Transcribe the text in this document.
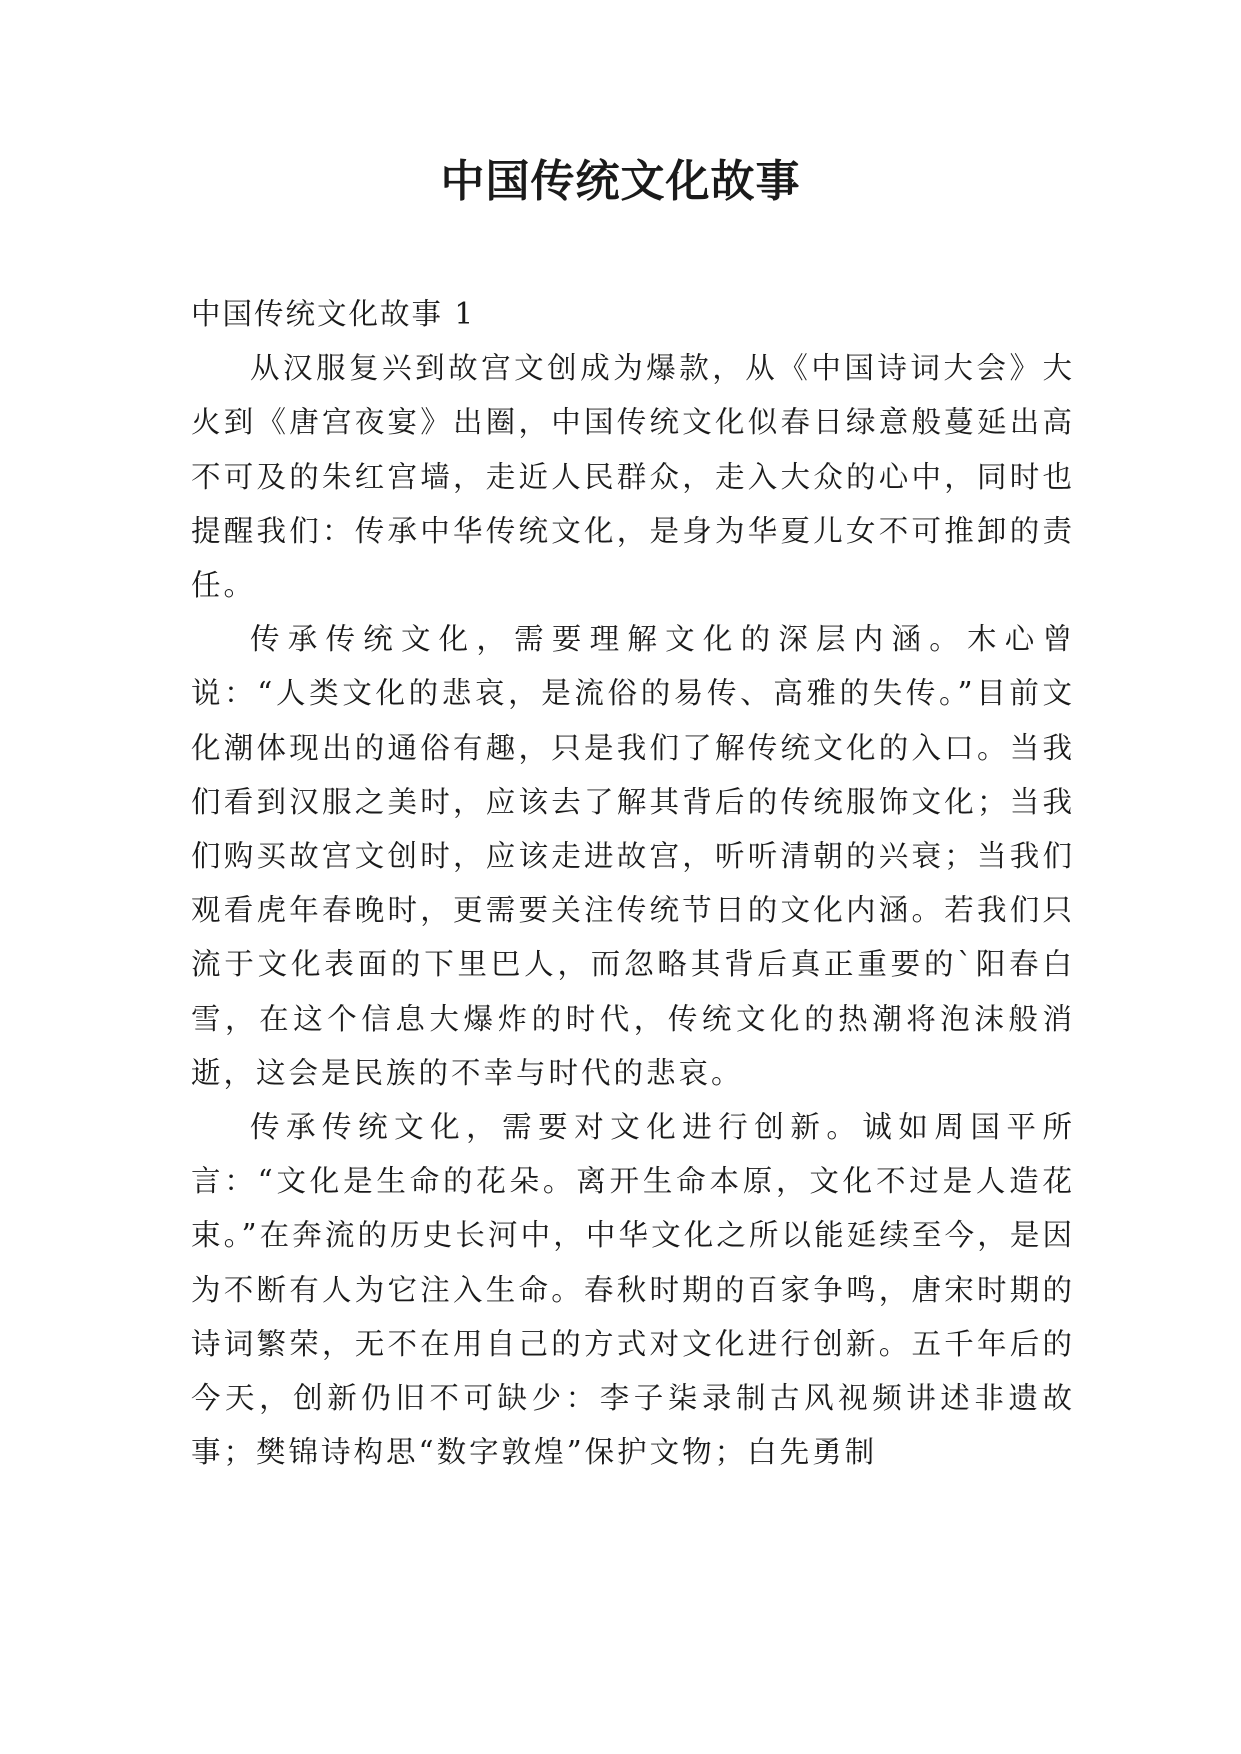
中国传统文化故事

中国传统文化故事 1

从汉服复兴到故宫文创成为爆款，从《中国诗词大会》大火到《唐宫夜宴》出圈，中国传统文化似春日绿意般蔓延出高不可及的朱红宫墙，走近人民群众，走入大众的心中，同时也提醒我们：传承中华传统文化，是身为华夏儿女不可推卸的责任。

传承传统文化，需要理解文化的深层内涵。木心曾说：“人类文化的悲哀，是流俗的易传、高雅的失传。”目前文化潮体现出的通俗有趣，只是我们了解传统文化的入口。当我们看到汉服之美时，应该去了解其背后的传统服饰文化；当我们购买故宫文创时，应该走进故宫，听听清朝的兴衰；当我们观看虎年春晚时，更需要关注传统节日的文化内涵。若我们只流于文化表面的下里巴人，而忽略其背后真正重要的`阳春白雪，在这个信息大爆炸的时代，传统文化的热潮将泡沫般消逝，这会是民族的不幸与时代的悲哀。

传承传统文化，需要对文化进行创新。诚如周国平所言：“文化是生命的花朵。离开生命本原，文化不过是人造花束。”在奔流的历史长河中，中华文化之所以能延续至今，是因为不断有人为它注入生命。春秋时期的百家争鸣，唐宋时期的诗词繁荣，无不在用自己的方式对文化进行创新。五千年后的今天，创新仍旧不可缺少：李子柒录制古风视频讲述非遗故事；樊锦诗构思“数字敦煌”保护文物；白先勇制
